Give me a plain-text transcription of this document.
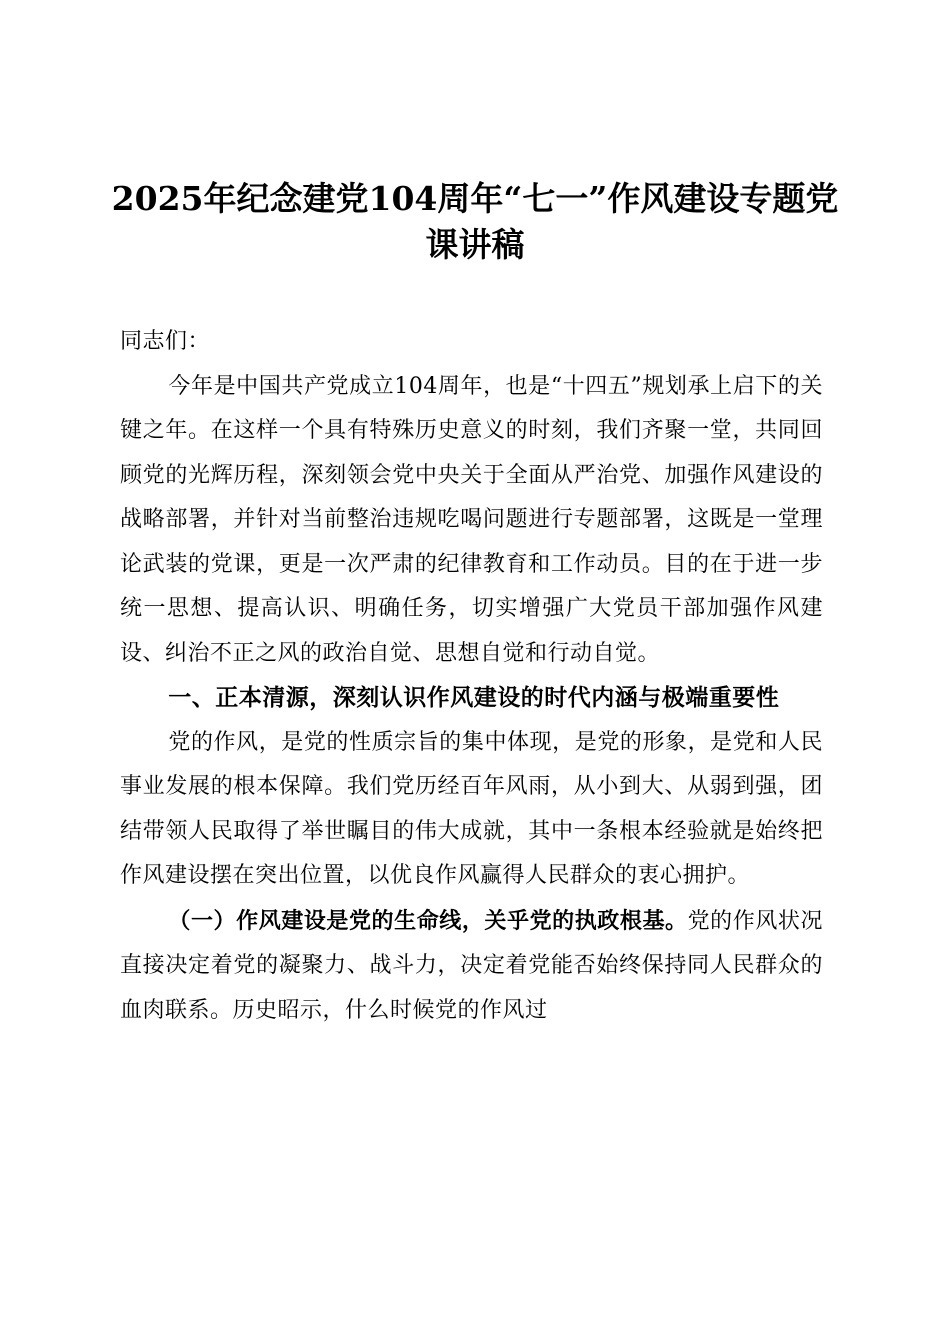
2025年纪念建党104周年“七一”作风建设专题党课讲稿

同志们：

今年是中国共产党成立104周年，也是“十四五”规划承上启下的关键之年。在这样一个具有特殊历史意义的时刻，我们齐聚一堂，共同回顾党的光辉历程，深刻领会党中央关于全面从严治党、加强作风建设的战略部署，并针对当前整治违规吃喝问题进行专题部署，这既是一堂理论武装的党课，更是一次严肃的纪律教育和工作动员。目的在于进一步统一思想、提高认识、明确任务，切实增强广大党员干部加强作风建设、纠治不正之风的政治自觉、思想自觉和行动自觉。

一、正本清源，深刻认识作风建设的时代内涵与极端重要性

党的作风，是党的性质宗旨的集中体现，是党的形象，是党和人民事业发展的根本保障。我们党历经百年风雨，从小到大、从弱到强，团结带领人民取得了举世瞩目的伟大成就，其中一条根本经验就是始终把作风建设摆在突出位置，以优良作风赢得人民群众的衷心拥护。

（一）作风建设是党的生命线，关乎党的执政根基。党的作风状况直接决定着党的凝聚力、战斗力，决定着党能否始终保持同人民群众的血肉联系。历史昭示，什么时候党的作风过
